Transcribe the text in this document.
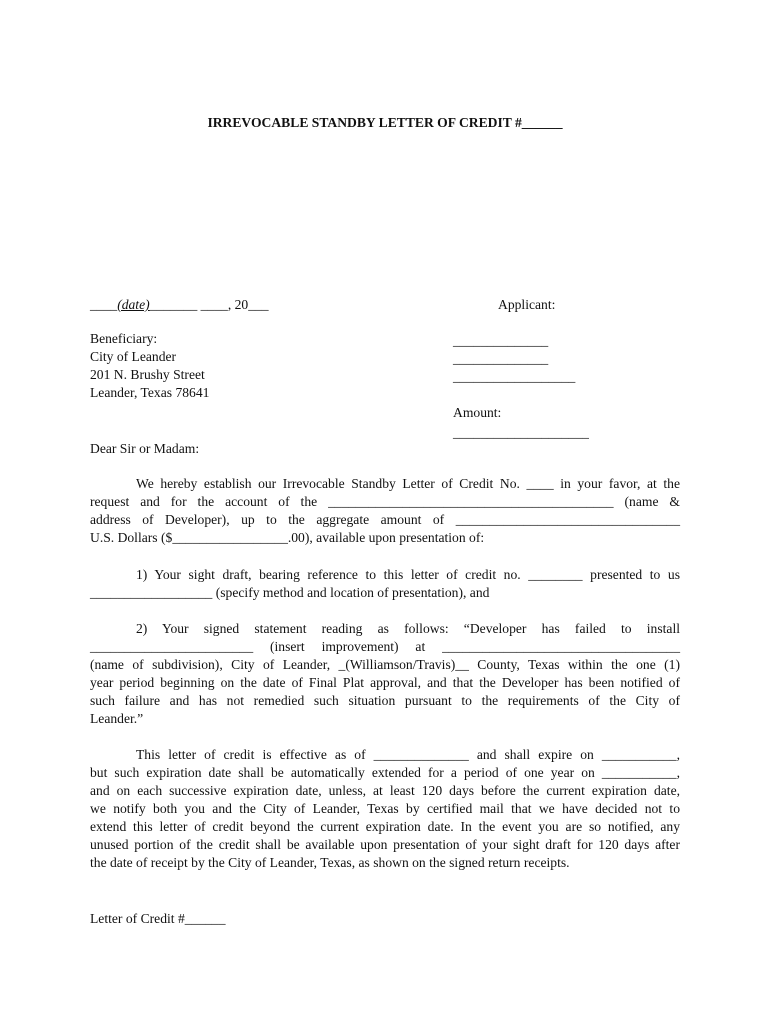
IRREVOCABLE STANDBY LETTER OF CREDIT #______
____(date)_______ ____, 20___	Applicant:
Beneficiary:
City of Leander
201 N. Brushy Street
Leander, Texas 78641
______________
______________
__________________
Amount:
____________________
Dear Sir or Madam:
We hereby establish our Irrevocable Standby Letter of Credit No. ____ in your favor, at the
request and for the account of the __________________________________________ (name &
address of Developer), up to the aggregate amount of _________________________________
U.S. Dollars ($_________________.00), available upon presentation of:
1) Your sight draft, bearing reference to this letter of credit no. ________ presented to us
__________________ (specify method and location of presentation), and
2) Your signed statement reading as follows: “Developer has failed to install
________________________ (insert improvement) at ___________________________________
(name of subdivision), City of Leander, _(Williamson/Travis)__ County, Texas within the one (1)
year period beginning on the date of Final Plat approval, and that the Developer has been notified of
such failure and has not remedied such situation pursuant to the requirements of the City of
Leander.”
This letter of credit is effective as of ______________ and shall expire on ___________,
but such expiration date shall be automatically extended for a period of one year on ___________,
and on each successive expiration date, unless, at least 120 days before the current expiration date,
we notify both you and the City of Leander, Texas by certified mail that we have decided not to
extend this letter of credit beyond the current expiration date. In the event you are so notified, any
unused portion of the credit shall be available upon presentation of your sight draft for 120 days after
the date of receipt by the City of Leander, Texas, as shown on the signed return receipts.
Letter of Credit #______
